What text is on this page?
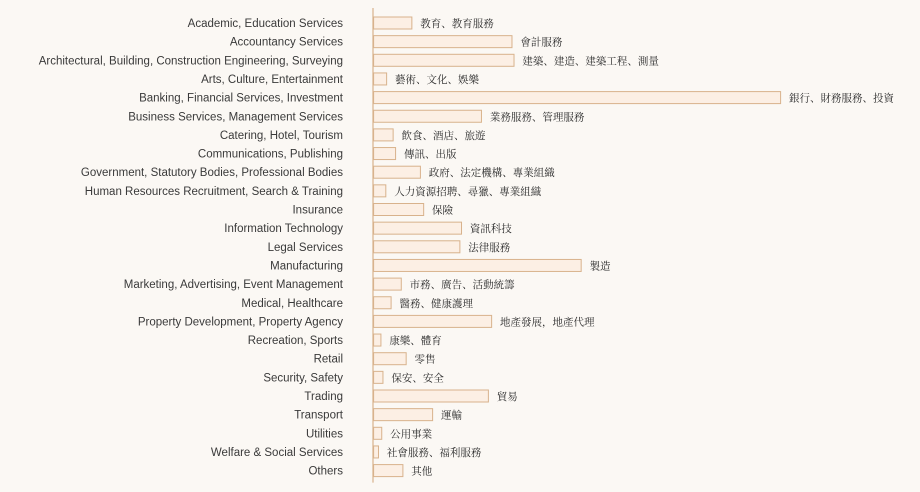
Academic, Education Services	教育、教育服務
Accountancy Services	會計服務
Architectural, Building, Construction Engineering, Surveying	建築、建造、建築工程、測量
Arts, Culture, Entertainment	藝術、文化、娛樂
Banking, Financial Services, Investment	銀行、財務服務、投資
Business Services, Management Services	業務服務、管理服務
Catering, Hotel, Tourism	飲食、酒店、旅遊
Communications, Publishing	傳訊、出版
Government, Statutory Bodies, Professional Bodies	政府、法定機構、專業組織
Human Resources Recruitment, Search & Training	人力資源招聘、尋獵、專業組織
Insurance	保險
Information Technology	資訊科技
Legal Services	法律服務
Manufacturing	製造
Marketing, Advertising, Event Management	市務、廣告、活動統籌
Medical, Healthcare	醫務、健康護理
Property Development, Property Agency	地產發展，地產代理
Recreation, Sports	康樂、體育
Retail	零售
Security, Safety	保安、安全
Trading	貿易
Transport	運輸
Utilities	公用事業
Welfare & Social Services	社會服務、福利服務
Others	其他
